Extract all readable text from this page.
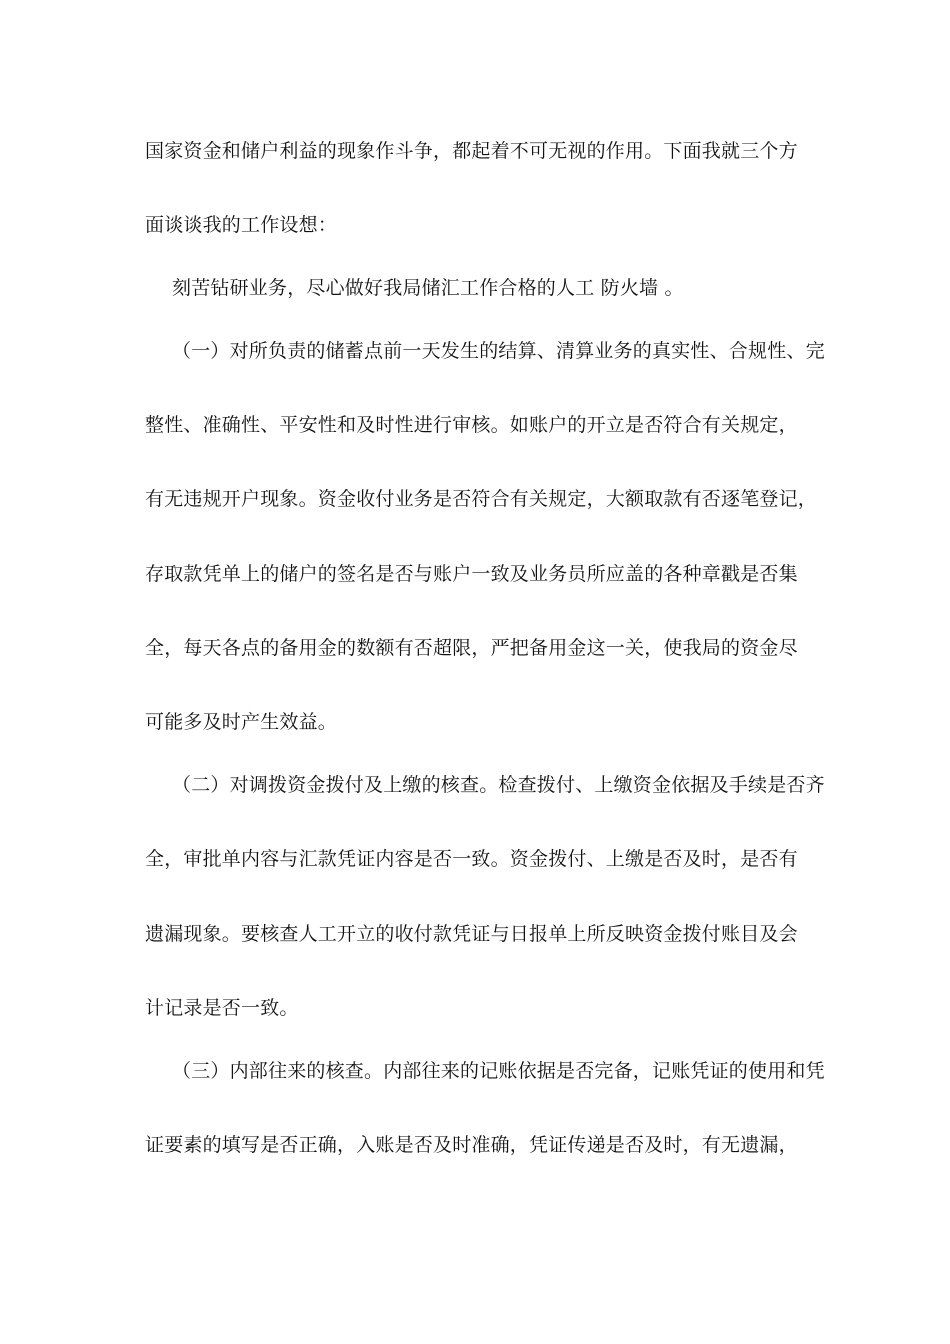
国家资金和储户利益的现象作斗争，都起着不可无视的作用。下面我就三个方
面谈谈我的工作设想：
刻苦钻研业务，尽心做好我局储汇工作合格的人工 防火墙 。
（一）对所负责的储蓄点前一天发生的结算、清算业务的真实性、合规性、完
整性、准确性、平安性和及时性进行审核。如账户的开立是否符合有关规定，
有无违规开户现象。资金收付业务是否符合有关规定，大额取款有否逐笔登记，
存取款凭单上的储户的签名是否与账户一致及业务员所应盖的各种章戳是否集
全，每天各点的备用金的数额有否超限，严把备用金这一关，使我局的资金尽
可能多及时产生效益。
（二）对调拨资金拨付及上缴的核查。检查拨付、上缴资金依据及手续是否齐
全，审批单内容与汇款凭证内容是否一致。资金拨付、上缴是否及时，是否有
遗漏现象。要核查人工开立的收付款凭证与日报单上所反映资金拨付账目及会
计记录是否一致。
（三）内部往来的核查。内部往来的记账依据是否完备，记账凭证的使用和凭
证要素的填写是否正确，入账是否及时准确，凭证传递是否及时，有无遗漏，
